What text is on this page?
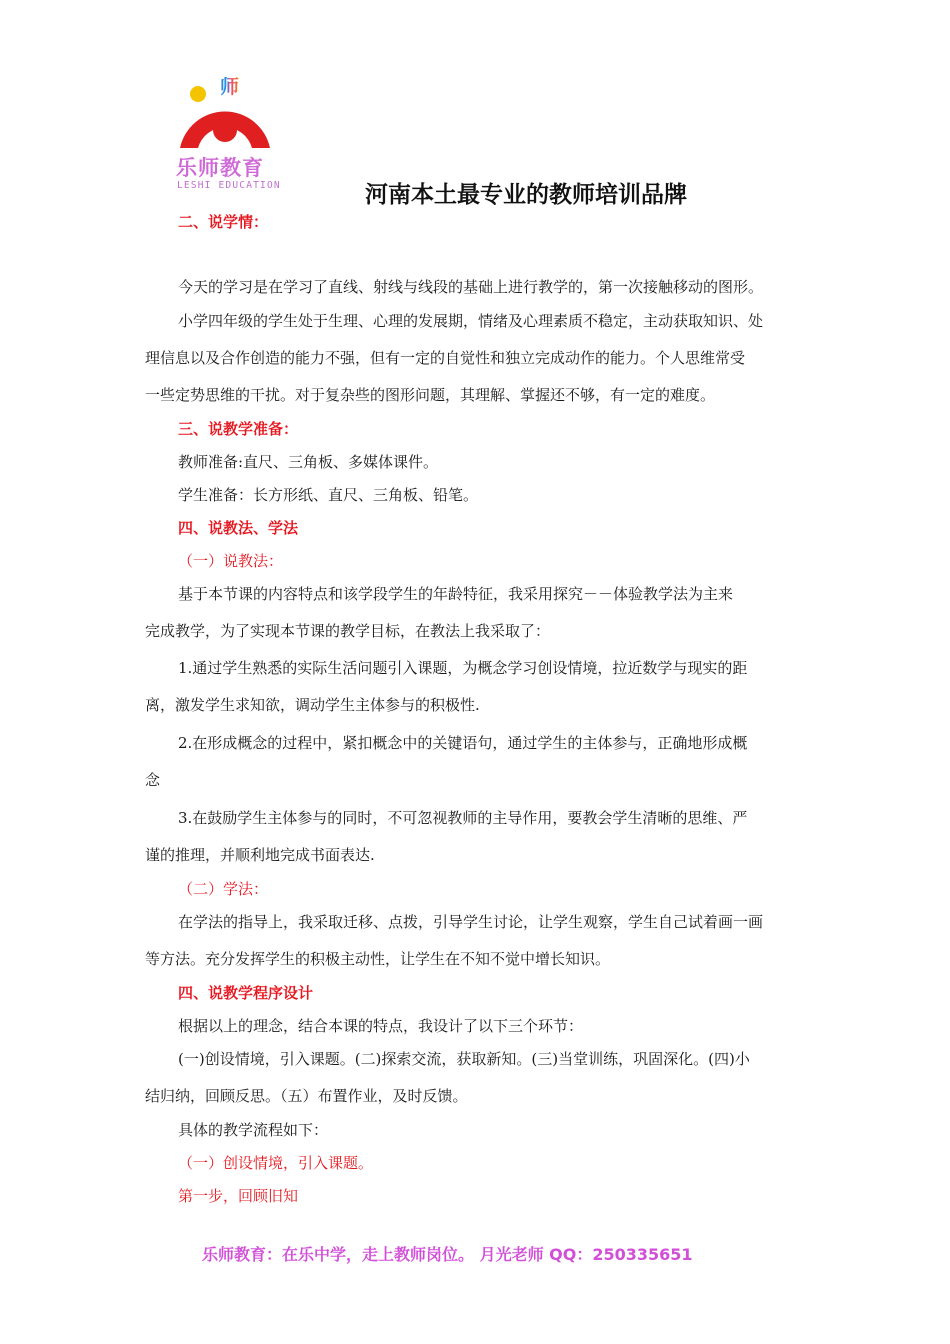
师
乐师教育
LESHI EDUCATION	河南本土最专业的教师培训品牌
二、说学情：
今天的学习是在学习了直线、射线与线段的基础上进行教学的，第一次接触移动的图形。
小学四年级的学生处于生理、心理的发展期，情绪及心理素质不稳定，主动获取知识、处
理信息以及合作创造的能力不强，但有一定的自觉性和独立完成动作的能力。个人思维常受
一些定势思维的干扰。对于复杂些的图形问题，其理解、掌握还不够，有一定的难度。
三、说教学准备：
教师准备:直尺、三角板、多媒体课件。
学生准备：长方形纸、直尺、三角板、铅笔。
四、说教法、学法
（一）说教法：
基于本节课的内容特点和该学段学生的年龄特征，我采用探究－－体验教学法为主来
完成教学，为了实现本节课的教学目标，在教法上我采取了：
1.通过学生熟悉的实际生活问题引入课题，为概念学习创设情境，拉近数学与现实的距
离，激发学生求知欲，调动学生主体参与的积极性.
2.在形成概念的过程中，紧扣概念中的关键语句，通过学生的主体参与，正确地形成概
念
3.在鼓励学生主体参与的同时，不可忽视教师的主导作用，要教会学生清晰的思维、严
谨的推理，并顺利地完成书面表达.
（二）学法：
在学法的指导上，我采取迁移、点拨，引导学生讨论，让学生观察，学生自己试着画一画
等方法。充分发挥学生的积极主动性，让学生在不知不觉中增长知识。
四、说教学程序设计
根据以上的理念，结合本课的特点，我设计了以下三个环节：
(一)创设情境，引入课题。(二)探索交流，获取新知。(三)当堂训练，巩固深化。(四)小
结归纳，回顾反思。（五）布置作业，及时反馈。
具体的教学流程如下：
（一）创设情境，引入课题。
第一步，回顾旧知
乐师教育：在乐中学，走上教师岗位。 月光老师 QQ：250335651
